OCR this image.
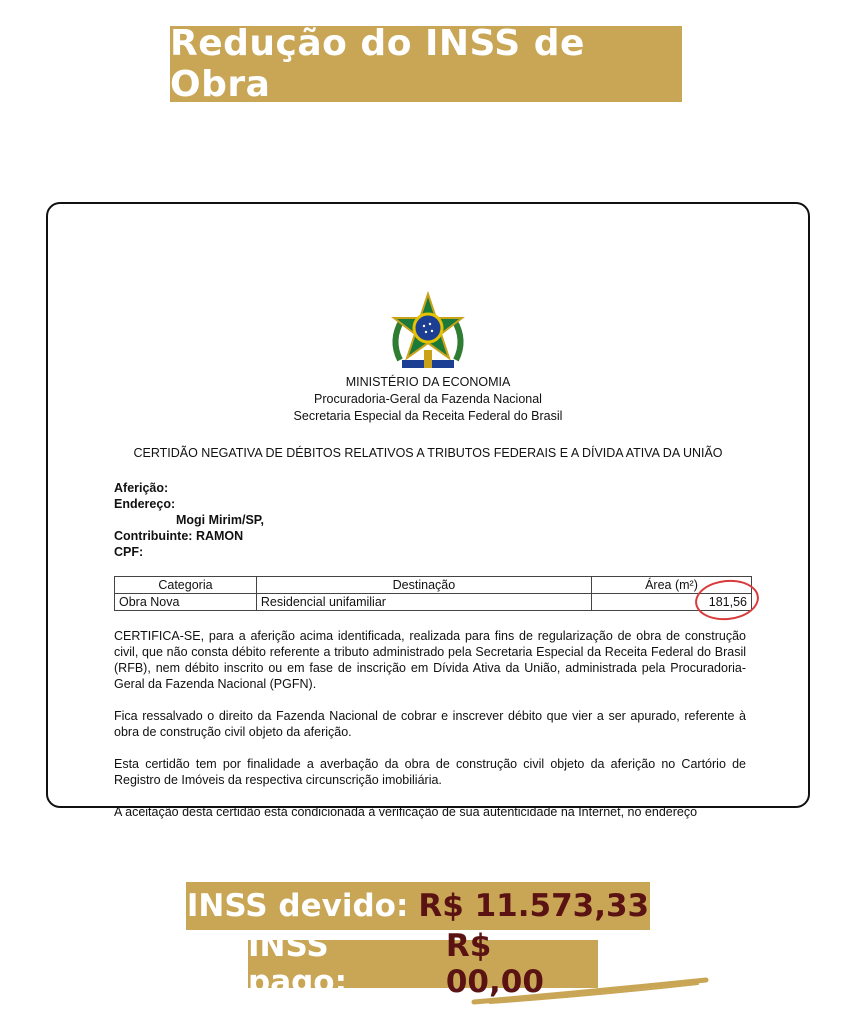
Redução do INSS de Obra
MINISTÉRIO DA ECONOMIA
Procuradoria-Geral da Fazenda Nacional
Secretaria Especial da Receita Federal do Brasil
CERTIDÃO NEGATIVA DE DÉBITOS RELATIVOS A TRIBUTOS FEDERAIS E A DÍVIDA ATIVA DA UNIÃO
Aferição:
Endereço:
Mogi Mirim/SP,
Contribuinte: RAMON
CPF:
Categoria	Destinação	Área (m²)
Obra Nova	Residencial unifamiliar	181,56

CERTIFICA-SE, para a aferição acima identificada, realizada para fins de regularização de obra de construção civil, que não consta débito referente a tributo administrado pela Secretaria Especial da Receita Federal do Brasil (RFB), nem débito inscrito ou em fase de inscrição em Dívida Ativa da União, administrada pela Procuradoria-Geral da Fazenda Nacional (PGFN).

Fica ressalvado o direito da Fazenda Nacional de cobrar e inscrever débito que vier a ser apurado, referente à obra de construção civil objeto da aferição.

Esta certidão tem por finalidade a averbação da obra de construção civil objeto da aferição no Cartório de Registro de Imóveis da respectiva circunscrição imobiliária.

A aceitação desta certidão está condicionada à verificação de sua autenticidade na Internet, no endereço

INSS devido: R$ 11.573,33
INSS pago:
R$ 00,00
